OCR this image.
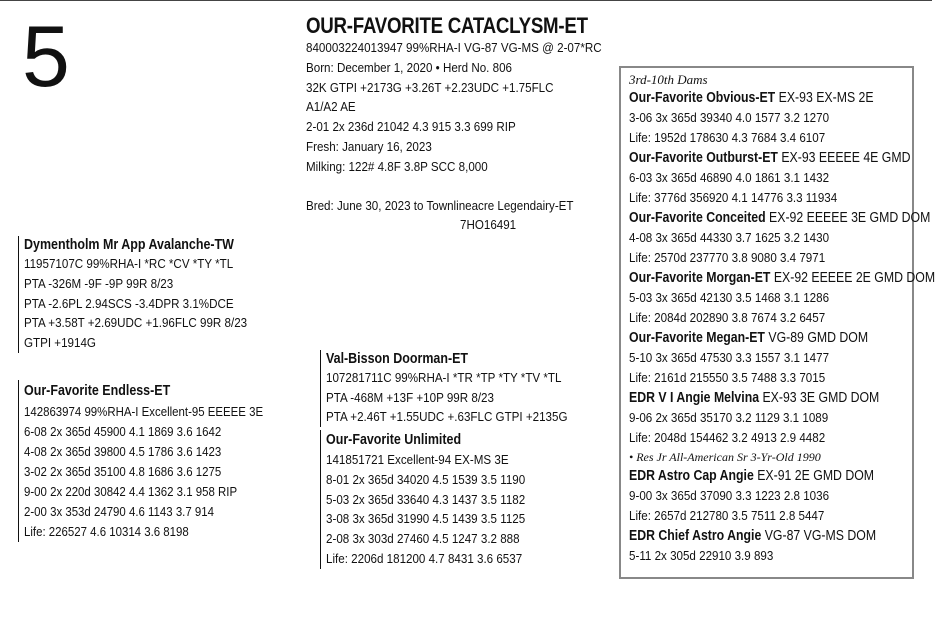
5	OUR-FAVORITE CATACLYSM-ET
840003224013947 99%RHA-I VG-87 VG-MS @ 2-07*RC
Born: December 1, 2020 • Herd No. 806
32K GTPI +2173G +3.26T +2.23UDC +1.75FLC
A1/A2 AE
2-01 2x 236d 21042 4.3 915 3.3 699 RIP
Fresh: January 16, 2023
Milking: 122# 4.8F 3.8P SCC 8,000
Bred: June 30, 2023 to Townlineacre Legendairy-ET
7HO16491
Dymentholm Mr App Avalanche-TW
11957107C 99%RHA-I *RC *CV *TY *TL
PTA -326M -9F -9P 99R 8/23
PTA -2.6PL 2.94SCS -3.4DPR 3.1%DCE
PTA +3.58T +2.69UDC +1.96FLC 99R 8/23
GTPI +1914G
Our-Favorite Endless-ET
142863974 99%RHA-I Excellent-95 EEEEE 3E
6-08 2x 365d 45900 4.1 1869 3.6 1642
4-08 2x 365d 39800 4.5 1786 3.6 1423
3-02 2x 365d 35100 4.8 1686 3.6 1275
9-00 2x 220d 30842 4.4 1362 3.1 958 RIP
2-00 3x 353d 24790 4.6 1143 3.7 914
Life: 226527 4.6 10314 3.6 8198
Val-Bisson Doorman-ET
107281711C 99%RHA-I *TR *TP *TY *TV *TL
PTA -468M +13F +10P 99R 8/23
PTA +2.46T +1.55UDC +.63FLC GTPI +2135G
Our-Favorite Unlimited
141851721 Excellent-94 EX-MS 3E
8-01 2x 365d 34020 4.5 1539 3.5 1190
5-03 2x 365d 33640 4.3 1437 3.5 1182
3-08 3x 365d 31990 4.5 1439 3.5 1125
2-08 3x 303d 27460 4.5 1247 3.2 888
Life: 2206d 181200 4.7 8431 3.6 6537
3rd-10th Dams
Our-Favorite Obvious-ET EX-93 EX-MS 2E
3-06 3x 365d 39340 4.0 1577 3.2 1270
Life: 1952d 178630 4.3 7684 3.4 6107
Our-Favorite Outburst-ET EX-93 EEEEE 4E GMD
6-03 3x 365d 46890 4.0 1861 3.1 1432
Life: 3776d 356920 4.1 14776 3.3 11934
Our-Favorite Conceited EX-92 EEEEE 3E GMD DOM
4-08 3x 365d 44330 3.7 1625 3.2 1430
Life: 2570d 237770 3.8 9080 3.4 7971
Our-Favorite Morgan-ET EX-92 EEEEE 2E GMD DOM
5-03 3x 365d 42130 3.5 1468 3.1 1286
Life: 2084d 202890 3.8 7674 3.2 6457
Our-Favorite Megan-ET VG-89 GMD DOM
5-10 3x 365d 47530 3.3 1557 3.1 1477
Life: 2161d 215550 3.5 7488 3.3 7015
EDR V I Angie Melvina EX-93 3E GMD DOM
9-06 2x 365d 35170 3.2 1129 3.1 1089
Life: 2048d 154462 3.2 4913 2.9 4482
• Res Jr All-American Sr 3-Yr-Old 1990
EDR Astro Cap Angie EX-91 2E GMD DOM
9-00 3x 365d 37090 3.3 1223 2.8 1036
Life: 2657d 212780 3.5 7511 2.8 5447
EDR Chief Astro Angie VG-87 VG-MS DOM
5-11 2x 305d 22910 3.9 893
